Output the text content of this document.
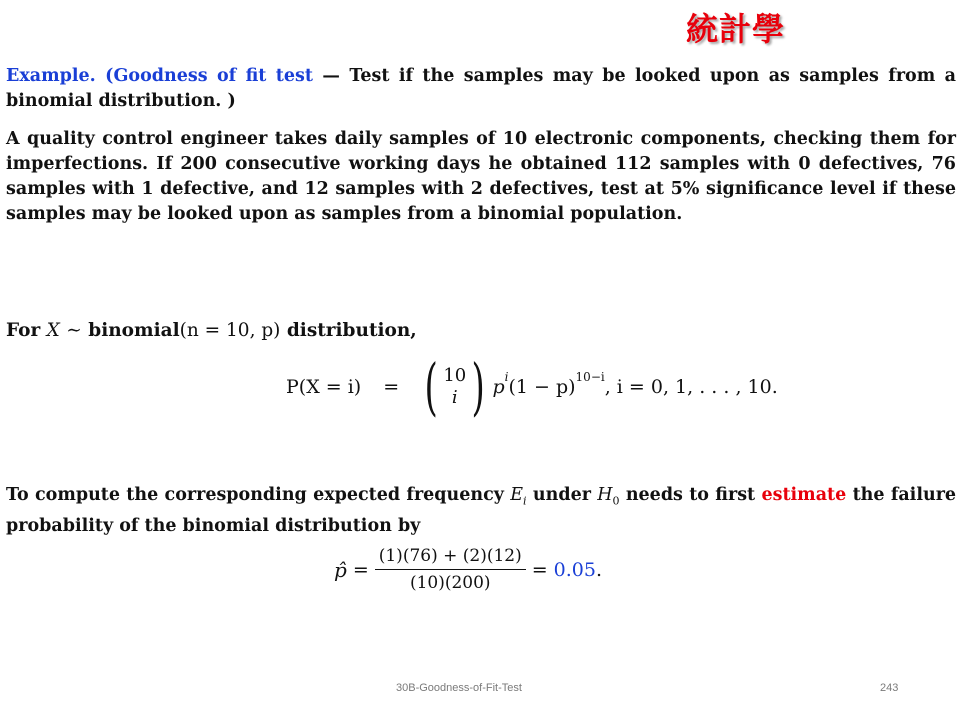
統計學
Example. (Goodness of fit test — Test if the samples may be looked upon as samples from a binomial distribution. )
A quality control engineer takes daily samples of 10 electronic components, checking them for imperfections. If 200 consecutive working days he obtained 112 samples with 0 defectives, 76 samples with 1 defective, and 12 samples with 2 defectives, test at 5% significance level if these samples may be looked upon as samples from a binomial population.
For X ∼ binomial(n = 10, p) distribution,
P(X = i) = ( 10
i ) $p^i$ $(1 - p)^{10-i}$ , i = 0, 1, . . . , 10.
To compute the corresponding expected frequency $E_i$ under $H_0$ needs to first estimate the failure probability of the binomial distribution by
p̂ = $\frac{(1)(76) + (2)(12)}{(10)(200)} = 0.05$ .
30B-Goodness-of-Fit-Test	243
